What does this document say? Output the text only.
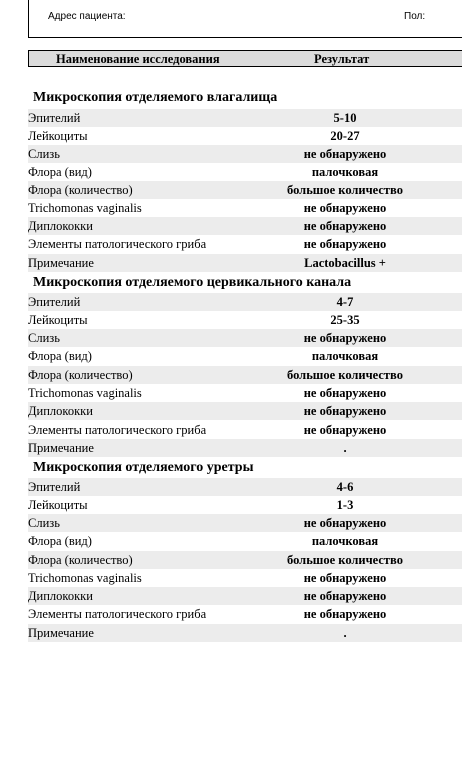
Адрес пациента:	Пол:
Наименование исследования	Результат
Микроскопия отделяемого влагалища
Эпителий	5-10
Лейкоциты	20-27
Слизь	не обнаружено
Флора (вид)	палочковая
Флора (количество)	большое количество
Trichomonas vaginalis	не обнаружено
Диплококки	не обнаружено
Элементы патологического гриба	не обнаружено
Примечание	Lactobacillus +
Микроскопия отделяемого цервикального канала
Эпителий	4-7
Лейкоциты	25-35
Слизь	не обнаружено
Флора (вид)	палочковая
Флора (количество)	большое количество
Trichomonas vaginalis	не обнаружено
Диплококки	не обнаружено
Элементы патологического гриба	не обнаружено
Примечание	.
Микроскопия отделяемого уретры
Эпителий	4-6
Лейкоциты	1-3
Слизь	не обнаружено
Флора (вид)	палочковая
Флора (количество)	большое количество
Trichomonas vaginalis	не обнаружено
Диплококки	не обнаружено
Элементы патологического гриба	не обнаружено
Примечание	.
